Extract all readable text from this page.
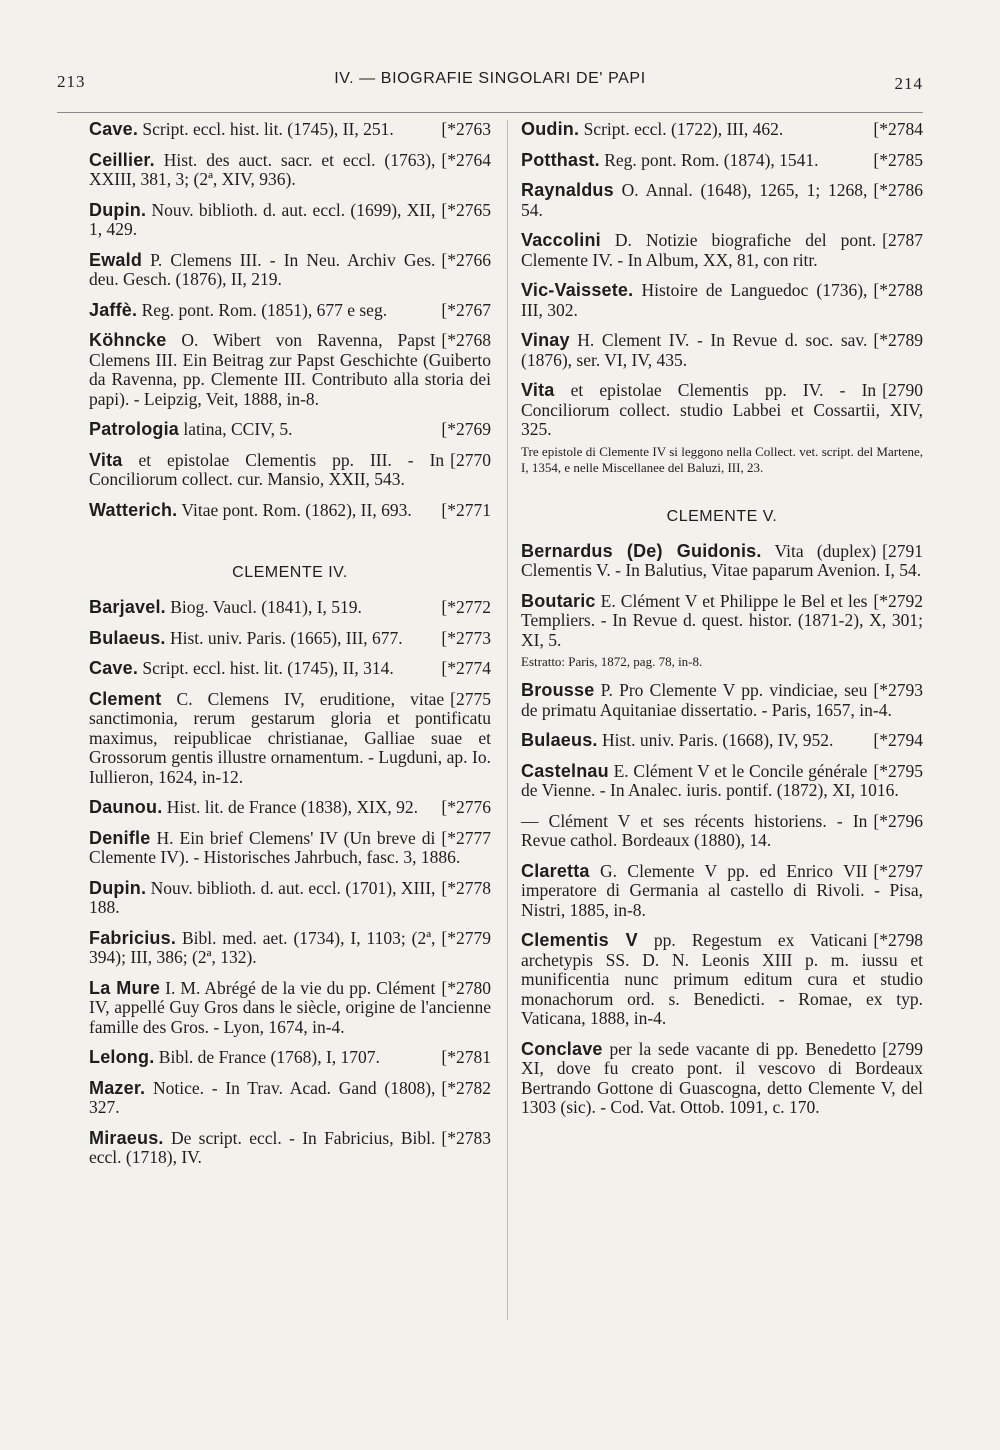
213	IV. — BIOGRAFIE SINGOLARI DE' PAPI	214
[*2763
Cave. Script. eccl. hist. lit. (1745), II, 251.
[*2764
Ceillier. Hist. des auct. sacr. et eccl. (1763), XXIII, 381, 3; (2ª, XIV, 936).
[*2765
Dupin. Nouv. biblioth. d. aut. eccl. (1699), XII, 1, 429.
[*2766
Ewald P. Clemens III. - In Neu. Archiv Ges. deu. Gesch. (1876), II, 219.
[*2767
Jaffè. Reg. pont. Rom. (1851), 677 e seg.
[*2768
Köhncke O. Wibert von Ravenna, Papst Clemens III. Ein Beitrag zur Papst Geschichte (Guiberto da Ravenna, pp. Clemente III. Contributo alla storia dei papi). - Leipzig, Veit, 1888, in-8.
[*2769
Patrologia latina, CCIV, 5.
[2770
Vita et epistolae Clementis pp. III. - In Conciliorum collect. cur. Mansio, XXII, 543.
[*2771
Watterich. Vitae pont. Rom. (1862), II, 693.
CLEMENTE IV.
[*2772
Barjavel. Biog. Vaucl. (1841), I, 519.
[*2773
Bulaeus. Hist. univ. Paris. (1665), III, 677.
[*2774
Cave. Script. eccl. hist. lit. (1745), II, 314.
[2775
Clement C. Clemens IV, eruditione, vitae sanctimonia, rerum gestarum gloria et pontificatu maximus, reipublicae christianae, Galliae suae et Grossorum gentis illustre ornamentum. - Lugduni, ap. Io. Iullieron, 1624, in-12.
[*2776
Daunou. Hist. lit. de France (1838), XIX, 92.
[*2777
Denifle H. Ein brief Clemens' IV (Un breve di Clemente IV). - Historisches Jahrbuch, fasc. 3, 1886.
[*2778
Dupin. Nouv. biblioth. d. aut. eccl. (1701), XIII, 188.
[*2779
Fabricius. Bibl. med. aet. (1734), I, 1103; (2ª, 394); III, 386; (2ª, 132).
[*2780
La Mure I. M. Abrégé de la vie du pp. Clément IV, appellé Guy Gros dans le siècle, origine de l'ancienne famille des Gros. - Lyon, 1674, in-4.
[*2781
Lelong. Bibl. de France (1768), I, 1707.
[*2782
Mazer. Notice. - In Trav. Acad. Gand (1808), 327.
[*2783
Miraeus. De script. eccl. - In Fabricius, Bibl. eccl. (1718), IV.
[*2784
Oudin. Script. eccl. (1722), III, 462.
[*2785
Potthast. Reg. pont. Rom. (1874), 1541.
[*2786
Raynaldus O. Annal. (1648), 1265, 1; 1268, 54.
[2787
Vaccolini D. Notizie biografiche del pont. Clemente IV. - In Album, XX, 81, con ritr.
[*2788
Vic-Vaissete. Histoire de Languedoc (1736), III, 302.
[*2789
Vinay H. Clement IV. - In Revue d. soc. sav. (1876), ser. VI, IV, 435.
[2790
Vita et epistolae Clementis pp. IV. - In Conciliorum collect. studio Labbei et Cossartii, XIV, 325.
Tre epistole di Clemente IV si leggono nella Collect. vet. script. del Martene, I, 1354, e nelle Miscellanee del Baluzi, III, 23.
CLEMENTE V.
[2791
Bernardus (De) Guidonis. Vita (duplex) Clementis V. - In Balutius, Vitae paparum Avenion. I, 54.
[*2792
Boutaric E. Clément V et Philippe le Bel et les Templiers. - In Revue d. quest. histor. (1871-2), X, 301; XI, 5.
Estratto: Paris, 1872, pag. 78, in-8.
[*2793
Brousse P. Pro Clemente V pp. vindiciae, seu de primatu Aquitaniae dissertatio. - Paris, 1657, in-4.
[*2794
Bulaeus. Hist. univ. Paris. (1668), IV, 952.
[*2795
Castelnau E. Clément V et le Concile générale de Vienne. - In Analec. iuris. pontif. (1872), XI, 1016.
[*2796
— Clément V et ses récents historiens. - In Revue cathol. Bordeaux (1880), 14.
[*2797
Claretta G. Clemente V pp. ed Enrico VII imperatore di Germania al castello di Rivoli. - Pisa, Nistri, 1885, in-8.
[*2798
Clementis V pp. Regestum ex Vaticani archetypis SS. D. N. Leonis XIII p. m. iussu et munificentia nunc primum editum cura et studio monachorum ord. s. Benedicti. - Romae, ex typ. Vaticana, 1888, in-4.
[2799
Conclave per la sede vacante di pp. Benedetto XI, dove fu creato pont. il vescovo di Bordeaux Bertrando Gottone di Guascogna, detto Clemente V, del 1303 (sic). - Cod. Vat. Ottob. 1091, c. 170.
